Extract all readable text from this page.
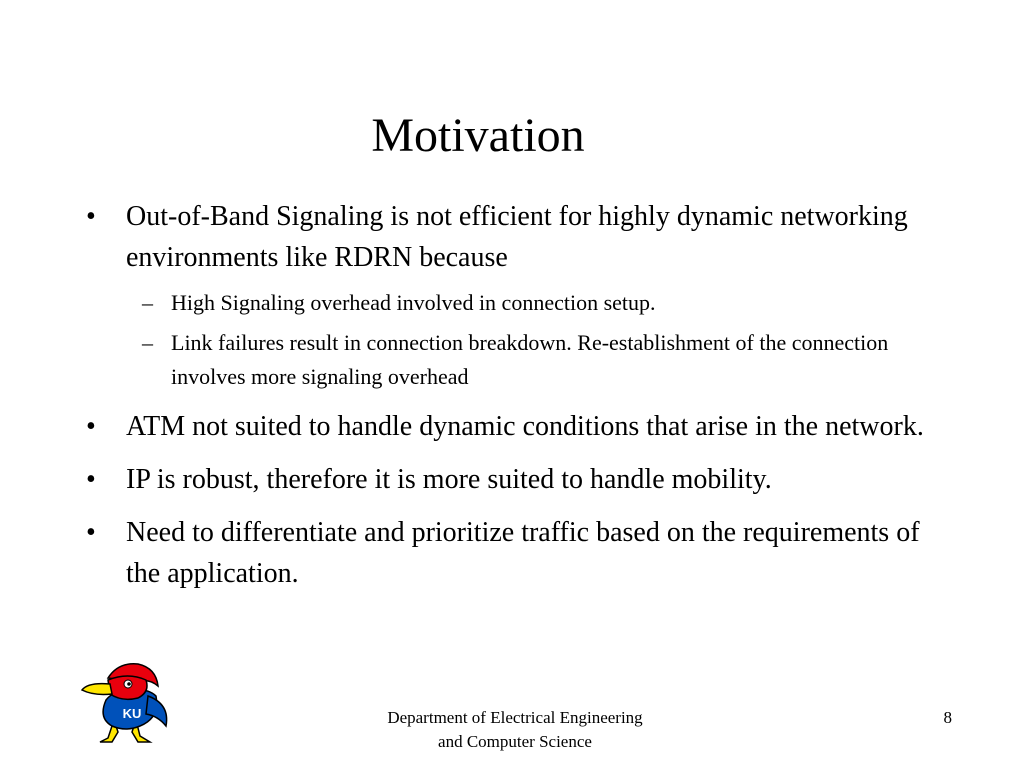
Motivation
• Out-of-Band Signaling is not efficient for highly dynamic networking environments like RDRN because
– High Signaling overhead involved in connection setup.
– Link failures result in connection breakdown. Re-establishment of the connection involves more signaling overhead
• ATM not suited to handle dynamic conditions that arise in the network.
• IP is robust, therefore it is more suited to handle mobility.
• Need to differentiate and prioritize traffic based on the requirements of the application.
KU	Department of Electrical Engineering
and Computer Science
8
